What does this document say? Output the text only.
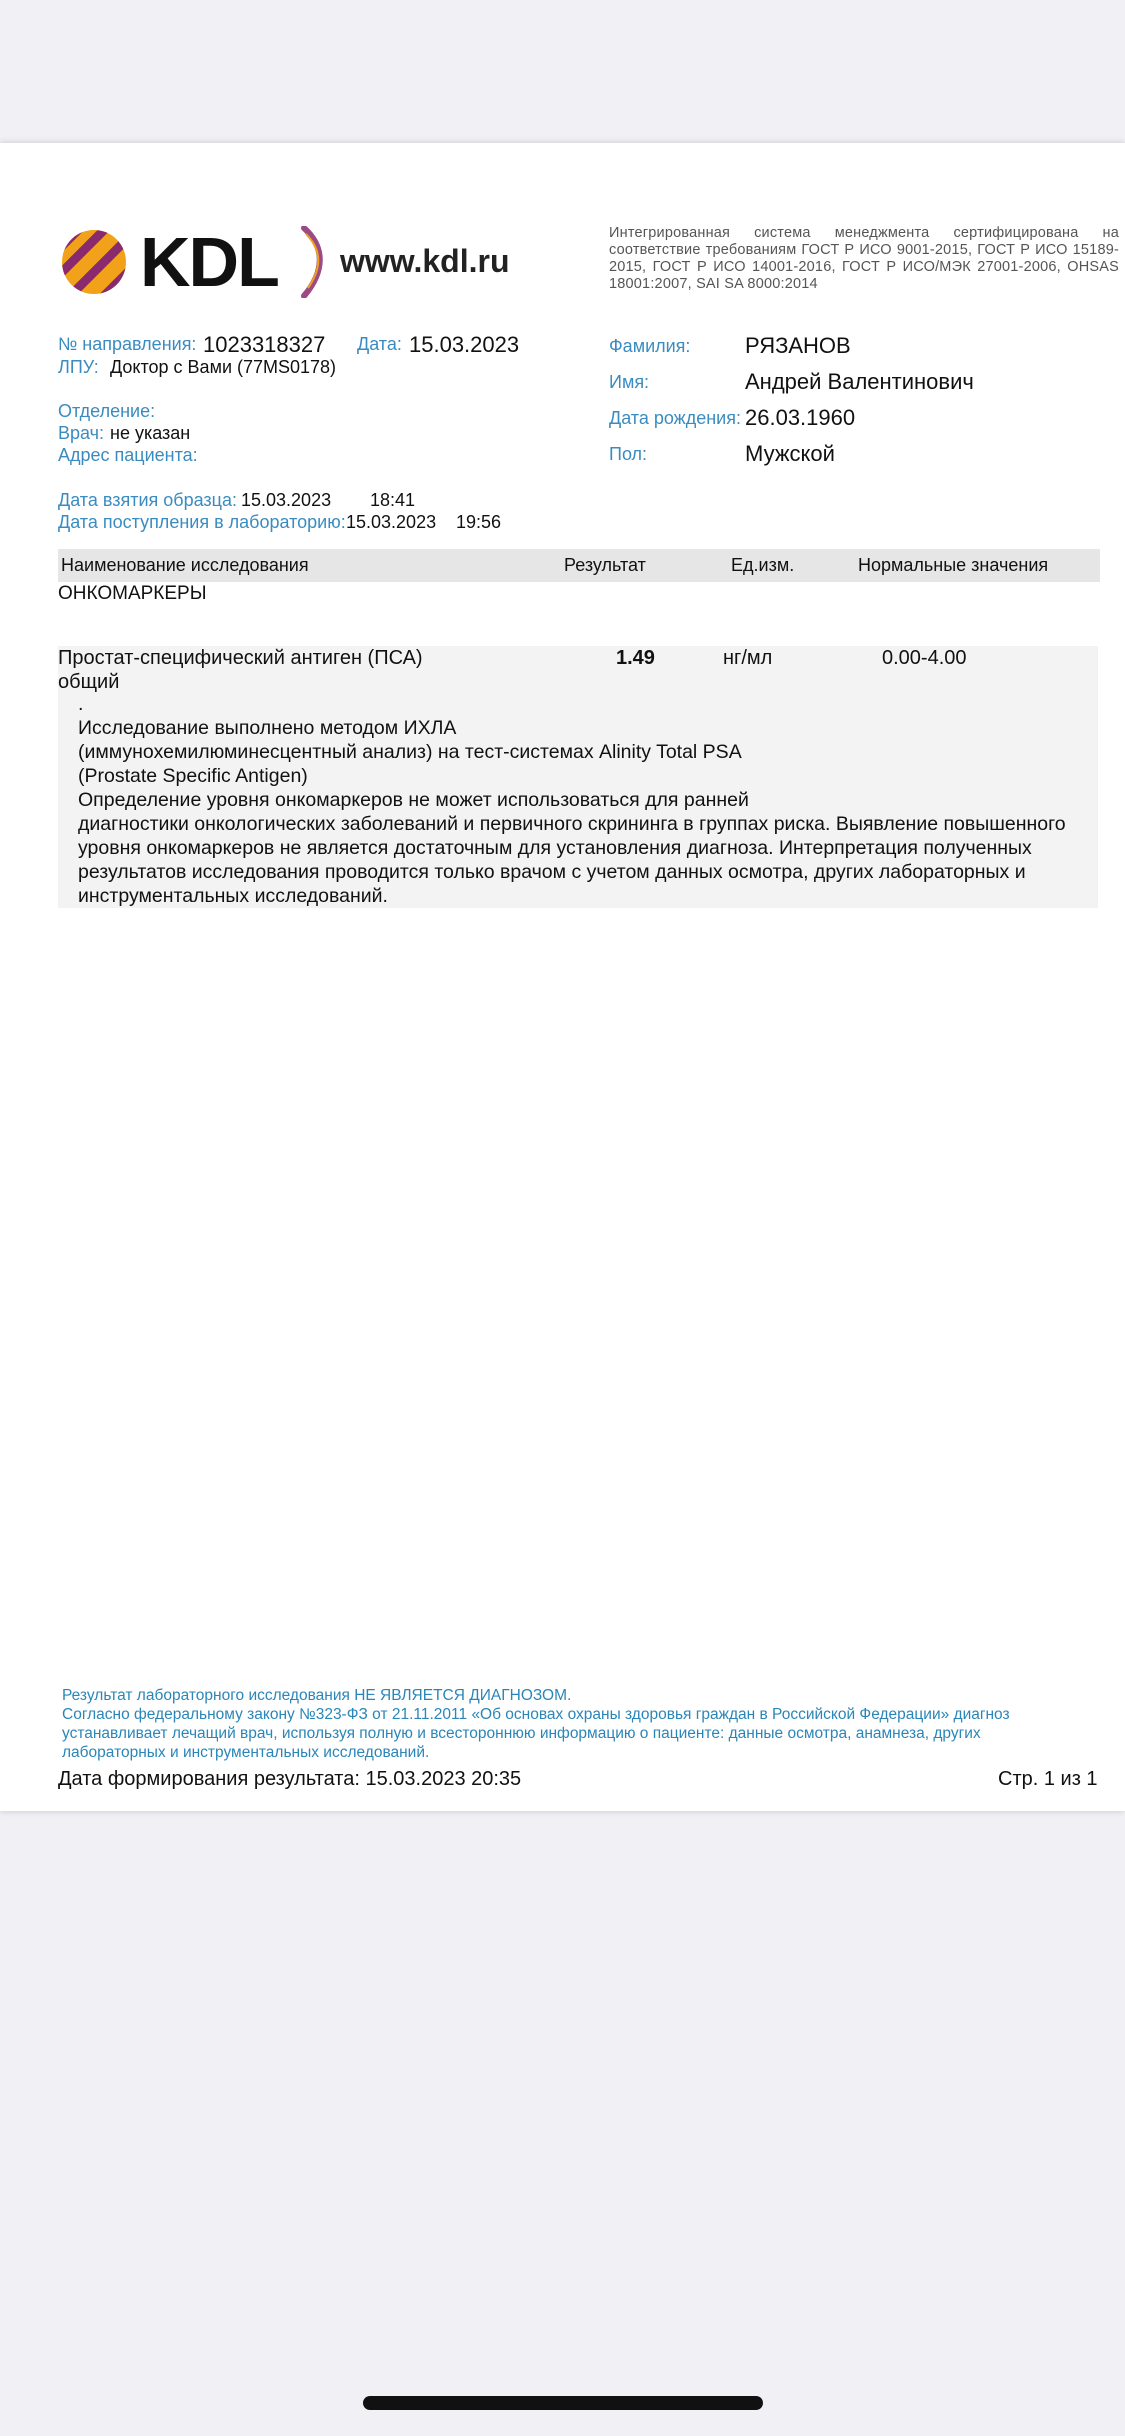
KDL www.kdl.ru
Интегрированная система менеджмента сертифицирована на соответствие требованиям ГОСТ Р ИСО 9001-2015, ГОСТ Р ИСО 15189-2015, ГОСТ Р ИСО 14001-2016, ГОСТ Р ИСО/МЭК 27001-2006, OHSAS 18001:2007, SAI SA 8000:2014
№ направления: 1023318327 Дата: 15.03.2023
ЛПУ: Доктор с Вами (77MS0178)
Отделение:
Врач: не указан
Адрес пациента:
Дата взятия образца: 15.03.2023 18:41
Дата поступления в лабораторию: 15.03.2023 19:56
Фамилия: РЯЗАНОВ
Имя:	Андрей Валентинович
Дата рождения: 26.03.1960
Пол:	Мужской
Наименование исследования	Результат	Ед.изм.	Нормальные значения
ОНКОМАРКЕРЫ
Простат-специфический антиген (ПСА)
общий
1.49	нг/мл	0.00-4.00
.
Исследование выполнено методом ИХЛА
(иммунохемилюминесцентный анализ) на тест-системах Alinity Total PSA
(Prostate Specific Antigen)
Определение уровня онкомаркеров не может использоваться для ранней
диагностики онкологических заболеваний и первичного скрининга в группах риска. Выявление повышенного
уровня онкомаркеров не является достаточным для установления диагноза. Интерпретация полученных
результатов исследования проводится только врачом с учетом данных осмотра, других лабораторных и
инструментальных исследований.
Результат лабораторного исследования НЕ ЯВЛЯЕТСЯ ДИАГНОЗОМ.
Согласно федеральному закону №323-ФЗ от 21.11.2011 «Об основах охраны здоровья граждан в Российской Федерации» диагноз
устанавливает лечащий врач, используя полную и всестороннюю информацию о пациенте: данные осмотра, анамнеза, других
лабораторных и инструментальных исследований.
Дата формирования результата: 15.03.2023 20:35	Стр. 1 из 1
